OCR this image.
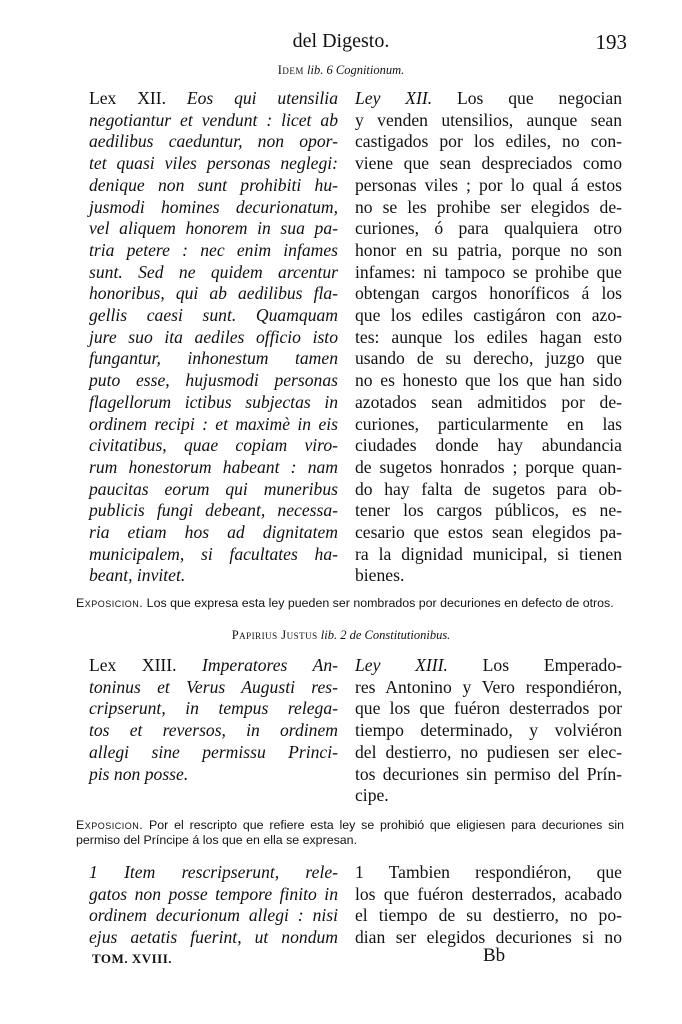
del Digesto.	193
Idem lib. 6 Cognitionum.
Lex XII. Eos qui utensilia
negotiantur et vendunt : licet ab
aedilibus caeduntur, non opor-
tet quasi viles personas neglegi:
denique non sunt prohibiti hu-
jusmodi homines decurionatum,
vel aliquem honorem in sua pa-
tria petere : nec enim infames
sunt. Sed ne quidem arcentur
honoribus, qui ab aedilibus fla-
gellis caesi sunt. Quamquam
jure suo ita aediles officio isto
fungantur, inhonestum tamen
puto esse, hujusmodi personas
flagellorum ictibus subjectas in
ordinem recipi : et maximè in eis
civitatibus, quae copiam viro-
rum honestorum habeant : nam
paucitas eorum qui muneribus
publicis fungi debeant, necessa-
ria etiam hos ad dignitatem
municipalem, si facultates ha-
beant, invitet.
Ley XII. Los que negocian
y venden utensilios, aunque sean
castigados por los ediles, no con-
viene que sean despreciados como
personas viles ; por lo qual á estos
no se les prohibe ser elegidos de-
curiones, ó para qualquiera otro
honor en su patria, porque no son
infames: ni tampoco se prohibe que
obtengan cargos honoríficos á los
que los ediles castigáron con azo-
tes: aunque los ediles hagan esto
usando de su derecho, juzgo que
no es honesto que los que han sido
azotados sean admitidos por de-
curiones, particularmente en las
ciudades donde hay abundancia
de sugetos honrados ; porque quan-
do hay falta de sugetos para ob-
tener los cargos públicos, es ne-
cesario que estos sean elegidos pa-
ra la dignidad municipal, si tienen
bienes.
Exposicion. Los que expresa esta ley pueden ser nombrados por decuriones en defecto de otros.
Papirius Justus lib. 2 de Constitutionibus.
Lex XIII. Imperatores An-
toninus et Verus Augusti res-
cripserunt, in tempus relega-
tos et reversos, in ordinem
allegi sine permissu Princi-
pis non posse.
Ley XIII. Los Emperado-
res Antonino y Vero respondiéron,
que los que fuéron desterrados por
tiempo determinado, y volviéron
del destierro, no pudiesen ser elec-
tos decuriones sin permiso del Prín-
cipe.
Exposicion. Por el rescripto que refiere esta ley se prohibió que eligiesen para decuriones sin permiso del Príncipe á los que en ella se expresan.
1 Item rescripserunt, rele-
gatos non posse tempore finito in
ordinem decurionum allegi : nisi
ejus aetatis fuerint, ut nondum
1 Tambien respondiéron, que
los que fuéron desterrados, acabado
el tiempo de su destierro, no po-
dian ser elegidos decuriones si no
TOM. XVIII.	Bb
